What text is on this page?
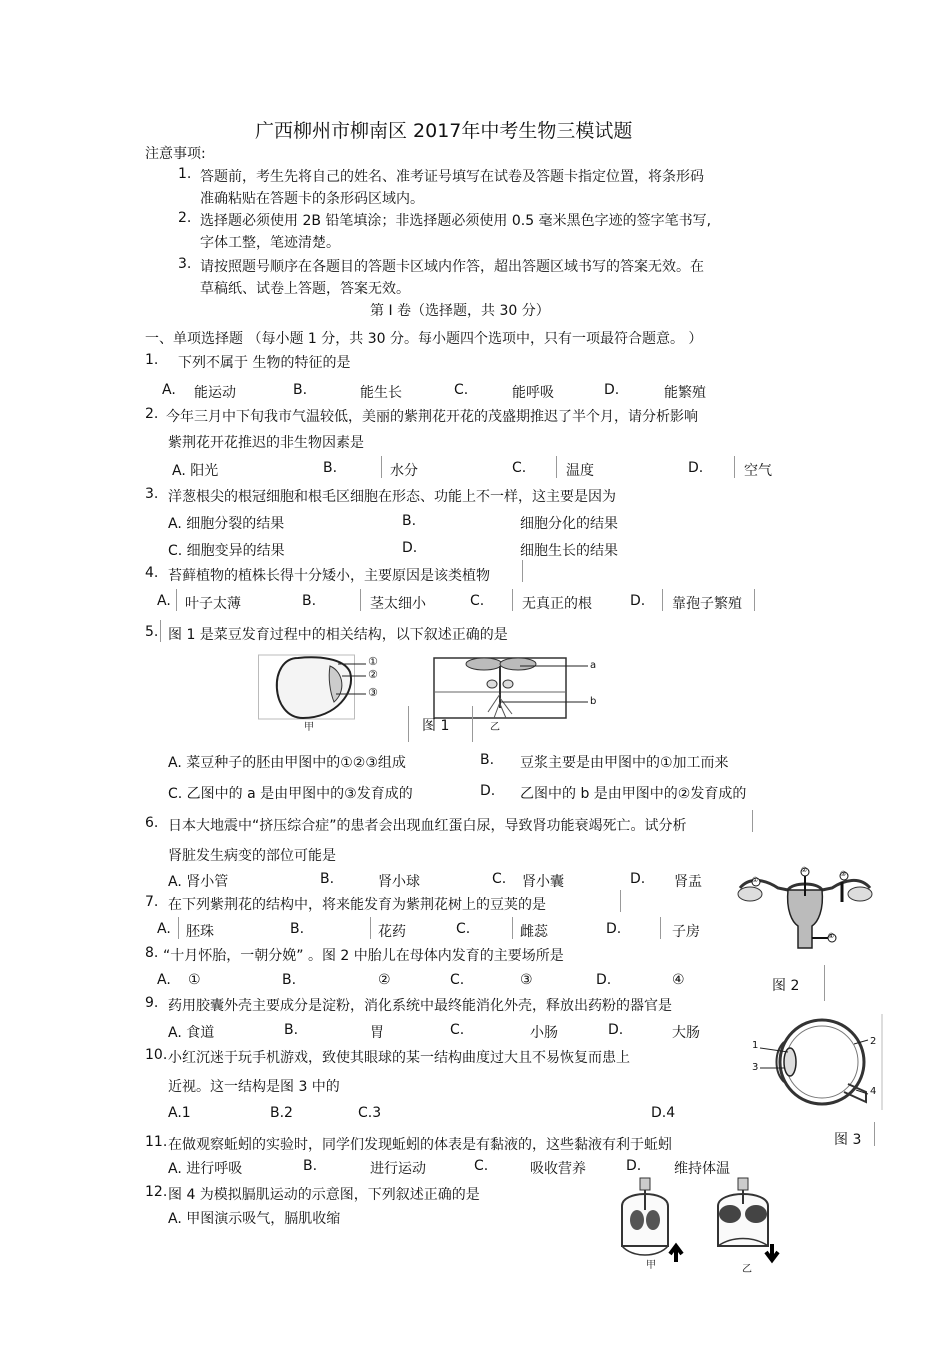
广西柳州市柳南区 2017年中考生物三模试题
注意事项:
1. 答题前，考生先将自己的姓名、准考证号填写在试卷及答题卡指定位置，将条形码
准确粘贴在答题卡的条形码区域内。
2. 选择题必须使用 2B 铅笔填涂；非选择题必须使用 0.5 毫米黑色字迹的签字笔书写,
字体工整，笔迹清楚。
3. 请按照题号顺序在各题目的答题卡区域内作答，超出答题区域书写的答案无效。在
草稿纸、试卷上答题，答案无效。
第 I 卷（选择题，共 30 分）
一、单项选择题 （每小题 1 分，共 30 分。每小题四个选项中，只有一项最符合题意。 ）
1. 下列不属于 生物的特征的是
A. 能运动	B.	能生长	C.	能呼吸	D.	能繁殖
2. 今年三月中下旬我市气温较低，美丽的紫荆花开花的茂盛期推迟了半个月，请分析影响
紫荆花开花推迟的非生物因素是
A. 阳光	B.	水分	C.	温度	D.	空气
3. 洋葱根尖的根冠细胞和根毛区细胞在形态、功能上不一样，这主要是因为
A. 细胞分裂的结果	B.	细胞分化的结果
C. 细胞变异的结果	D.	细胞生长的结果
4. 苔藓植物的植株长得十分矮小，主要原因是该类植物
A. 叶子太薄	B.	茎太细小	C.	无真正的根	D. 靠孢子繁殖
5. 图 1 是菜豆发育过程中的相关结构，以下叙述正确的是
①
②
③
甲
a
b
乙
图 1
A. 菜豆种子的胚由甲图中的①②③组成	B. 豆浆主要是由甲图中的①加工而来
C. 乙图中的 a 是由甲图中的③发育成的	D. 乙图中的 b 是由甲图中的②发育成的
6. 日本大地震中“挤压综合症”的患者会出现血红蛋白尿，导致肾功能衰竭死亡。试分析
肾脏发生病变的部位可能是
A. 肾小管	B.	肾小球	C. 肾小囊	D. 肾盂	①
②	③
④
图 2
7. 在下列紫荆花的结构中，将来能发育为紫荆花树上的豆荚的是
A. 胚珠	B.	花药	C.	雌蕊	D.	子房
8. “十月怀胎，一朝分娩” 。图 2 中胎儿在母体内发育的主要场所是
A. ①	B.	②	C.	③	D.	④
9. 药用胶囊外壳主要成分是淀粉，消化系统中最终能消化外壳，释放出药粉的器官是
A. 食道	B.	胃	C.	小肠	D.	大肠
1	2
3
4
图 3
10. 小红沉迷于玩手机游戏，致使其眼球的某一结构曲度过大且不易恢复而患上
近视。这一结构是图 3 中的
A.1	B.2	C.3	D.4
11. 在做观察蚯蚓的实验时，同学们发现蚯蚓的体表是有黏液的，这些黏液有利于蚯蚓
A. 进行呼吸	B.	进行运动	C.	吸收营养	D. 维持体温
12. 图 4 为模拟膈肌运动的示意图，下列叙述正确的是
A. 甲图演示吸气，膈肌收缩
甲	乙
